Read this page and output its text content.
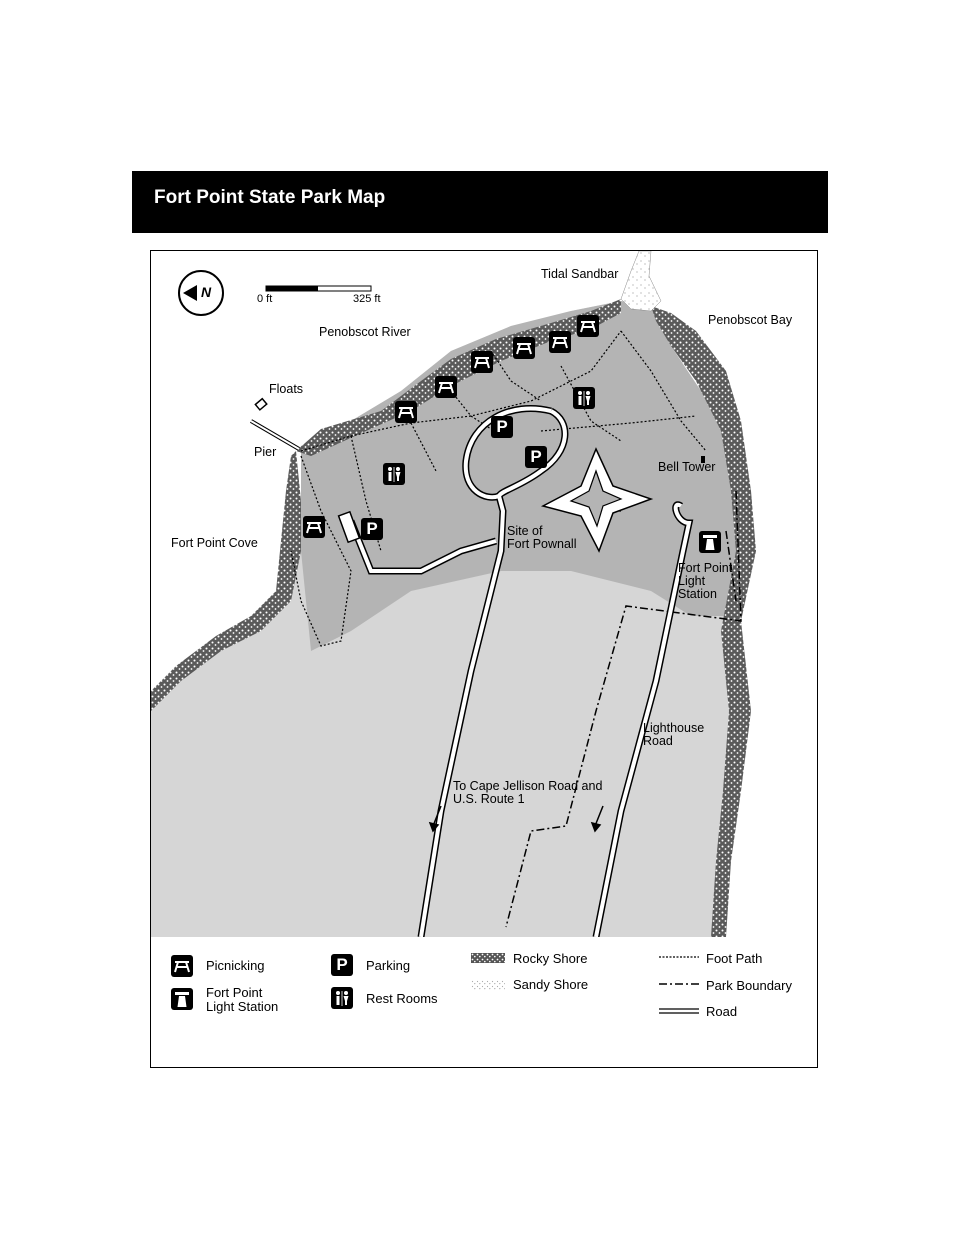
Fort Point State Park Map
N	0 ft	325 ft
Tidal Sandbar
Penobscot River
Penobscot Bay
Floats
Pier
Bell Tower
Fort Point Cove
Site of
Fort Pownall
Fort Point
Light
Station
Lighthouse
Road
To Cape Jellison Road and
U.S. Route 1
P
P
P
Picnicking
Fort Point
Light Station
P	Parking
Rest Rooms
Rocky Shore
Sandy Shore
Foot Path
Park Boundary
Road
